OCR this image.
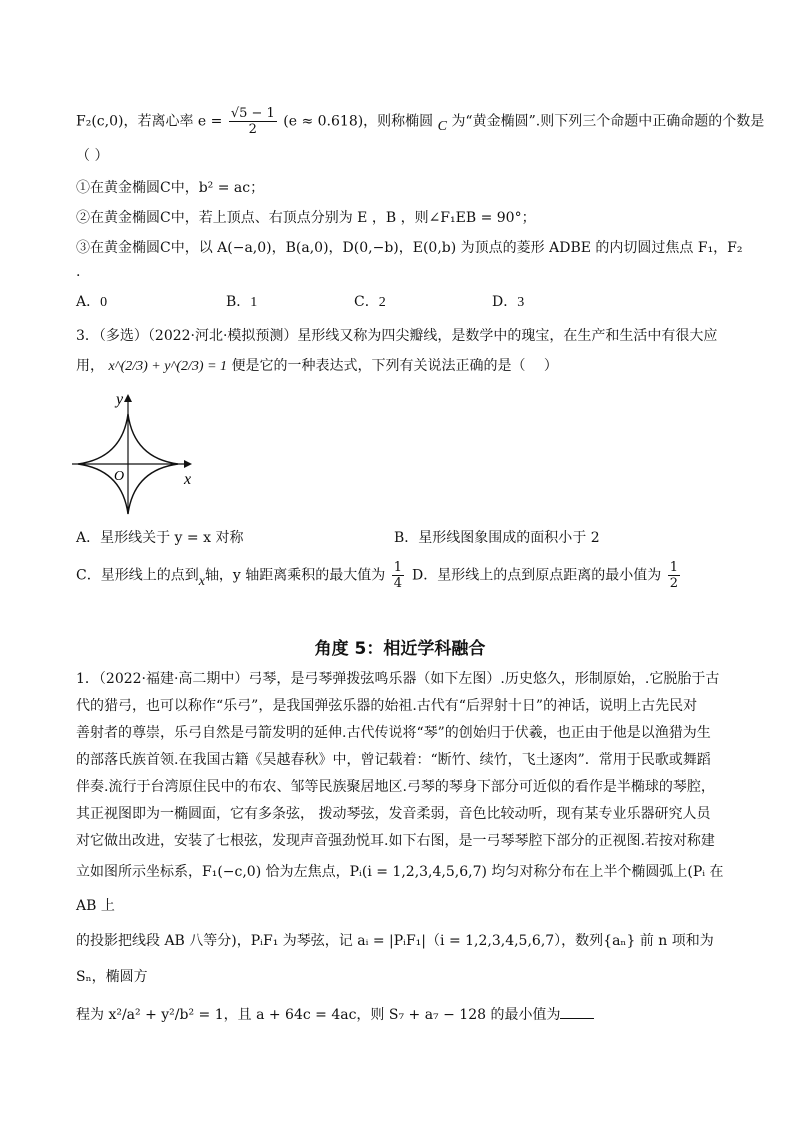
F₂(c,0)，若离心率 $e = \frac{√5 - 1}{2} (e \approx 0.618)$，则称椭圆 C 为“黄金椭圆”.则下列三个命题中正确命题的个数是
（ ）
①在黄金椭圆C中，b² = ac；
②在黄金椭圆C中，若上顶点、右顶点分别为 E ，B ，则∠F₁EB = 90°；
③在黄金椭圆C中，以 A(−a,0)，B(a,0)，D(0,−b)，E(0,b) 为顶点的菱形 ADBE 的内切圆过焦点 F₁，F₂
.
A．0	B．1	C．2	D．3
3．（多选）（2022·河北·模拟预测）星形线又称为四尖瓣线，是数学中的瑰宝，在生产和生活中有很大应
用， x^(2/3) + y^(2/3) = 1 便是它的一种表达式，下列有关说法正确的是（　 ）
y
x
O
A．星形线关于 y = x 对称	B．星形线图象围成的面积小于 2
C．星形线上的点到x轴，y 轴距离乘积的最大值为 $\frac{1}{4}$ D．星形线上的点到原点距离的最小值为 $\frac{1}{2}$
角度 5：相近学科融合
1．（2022·福建·高二期中）弓琴，是弓琴弹拨弦鸣乐器（如下左图）.历史悠久，形制原始，.它脱胎于古
代的猎弓，也可以称作“乐弓”，是我国弹弦乐器的始祖.古代有“后羿射十日”的神话，说明上古先民对
善射者的尊崇，乐弓自然是弓箭发明的延伸.古代传说将“琴”的创始归于伏羲，也正由于他是以渔猎为生
的部落氏族首领.在我国古籍《吴越春秋》中，曾记载着：“断竹、续竹，飞土逐肉”．常用于民歌或舞蹈
伴奏.流行于台湾原住民中的布农、邹等民族聚居地区.弓琴的琴身下部分可近似的看作是半椭球的琴腔，
其正视图即为一椭圆面，它有多条弦， 拨动琴弦，发音柔弱，音色比较动听，现有某专业乐器研究人员
对它做出改进，安装了七根弦，发现声音强劲悦耳.如下右图，是一弓琴琴腔下部分的正视图.若按对称建
立如图所示坐标系，F₁(−c,0) 恰为左焦点，Pᵢ(i = 1,2,3,4,5,6,7) 均匀对称分布在上半个椭圆弧上(Pᵢ 在 AB 上
的投影把线段 AB 八等分)，PᵢF₁ 为琴弦，记 aᵢ = |PᵢF₁|（i = 1,2,3,4,5,6,7），数列{aₙ} 前 n 项和为 Sₙ，椭圆方
程为 x²/a² + y²/b² = 1，且 a + 64c = 4ac，则 S₇ + a₇ − 128 的最小值为
